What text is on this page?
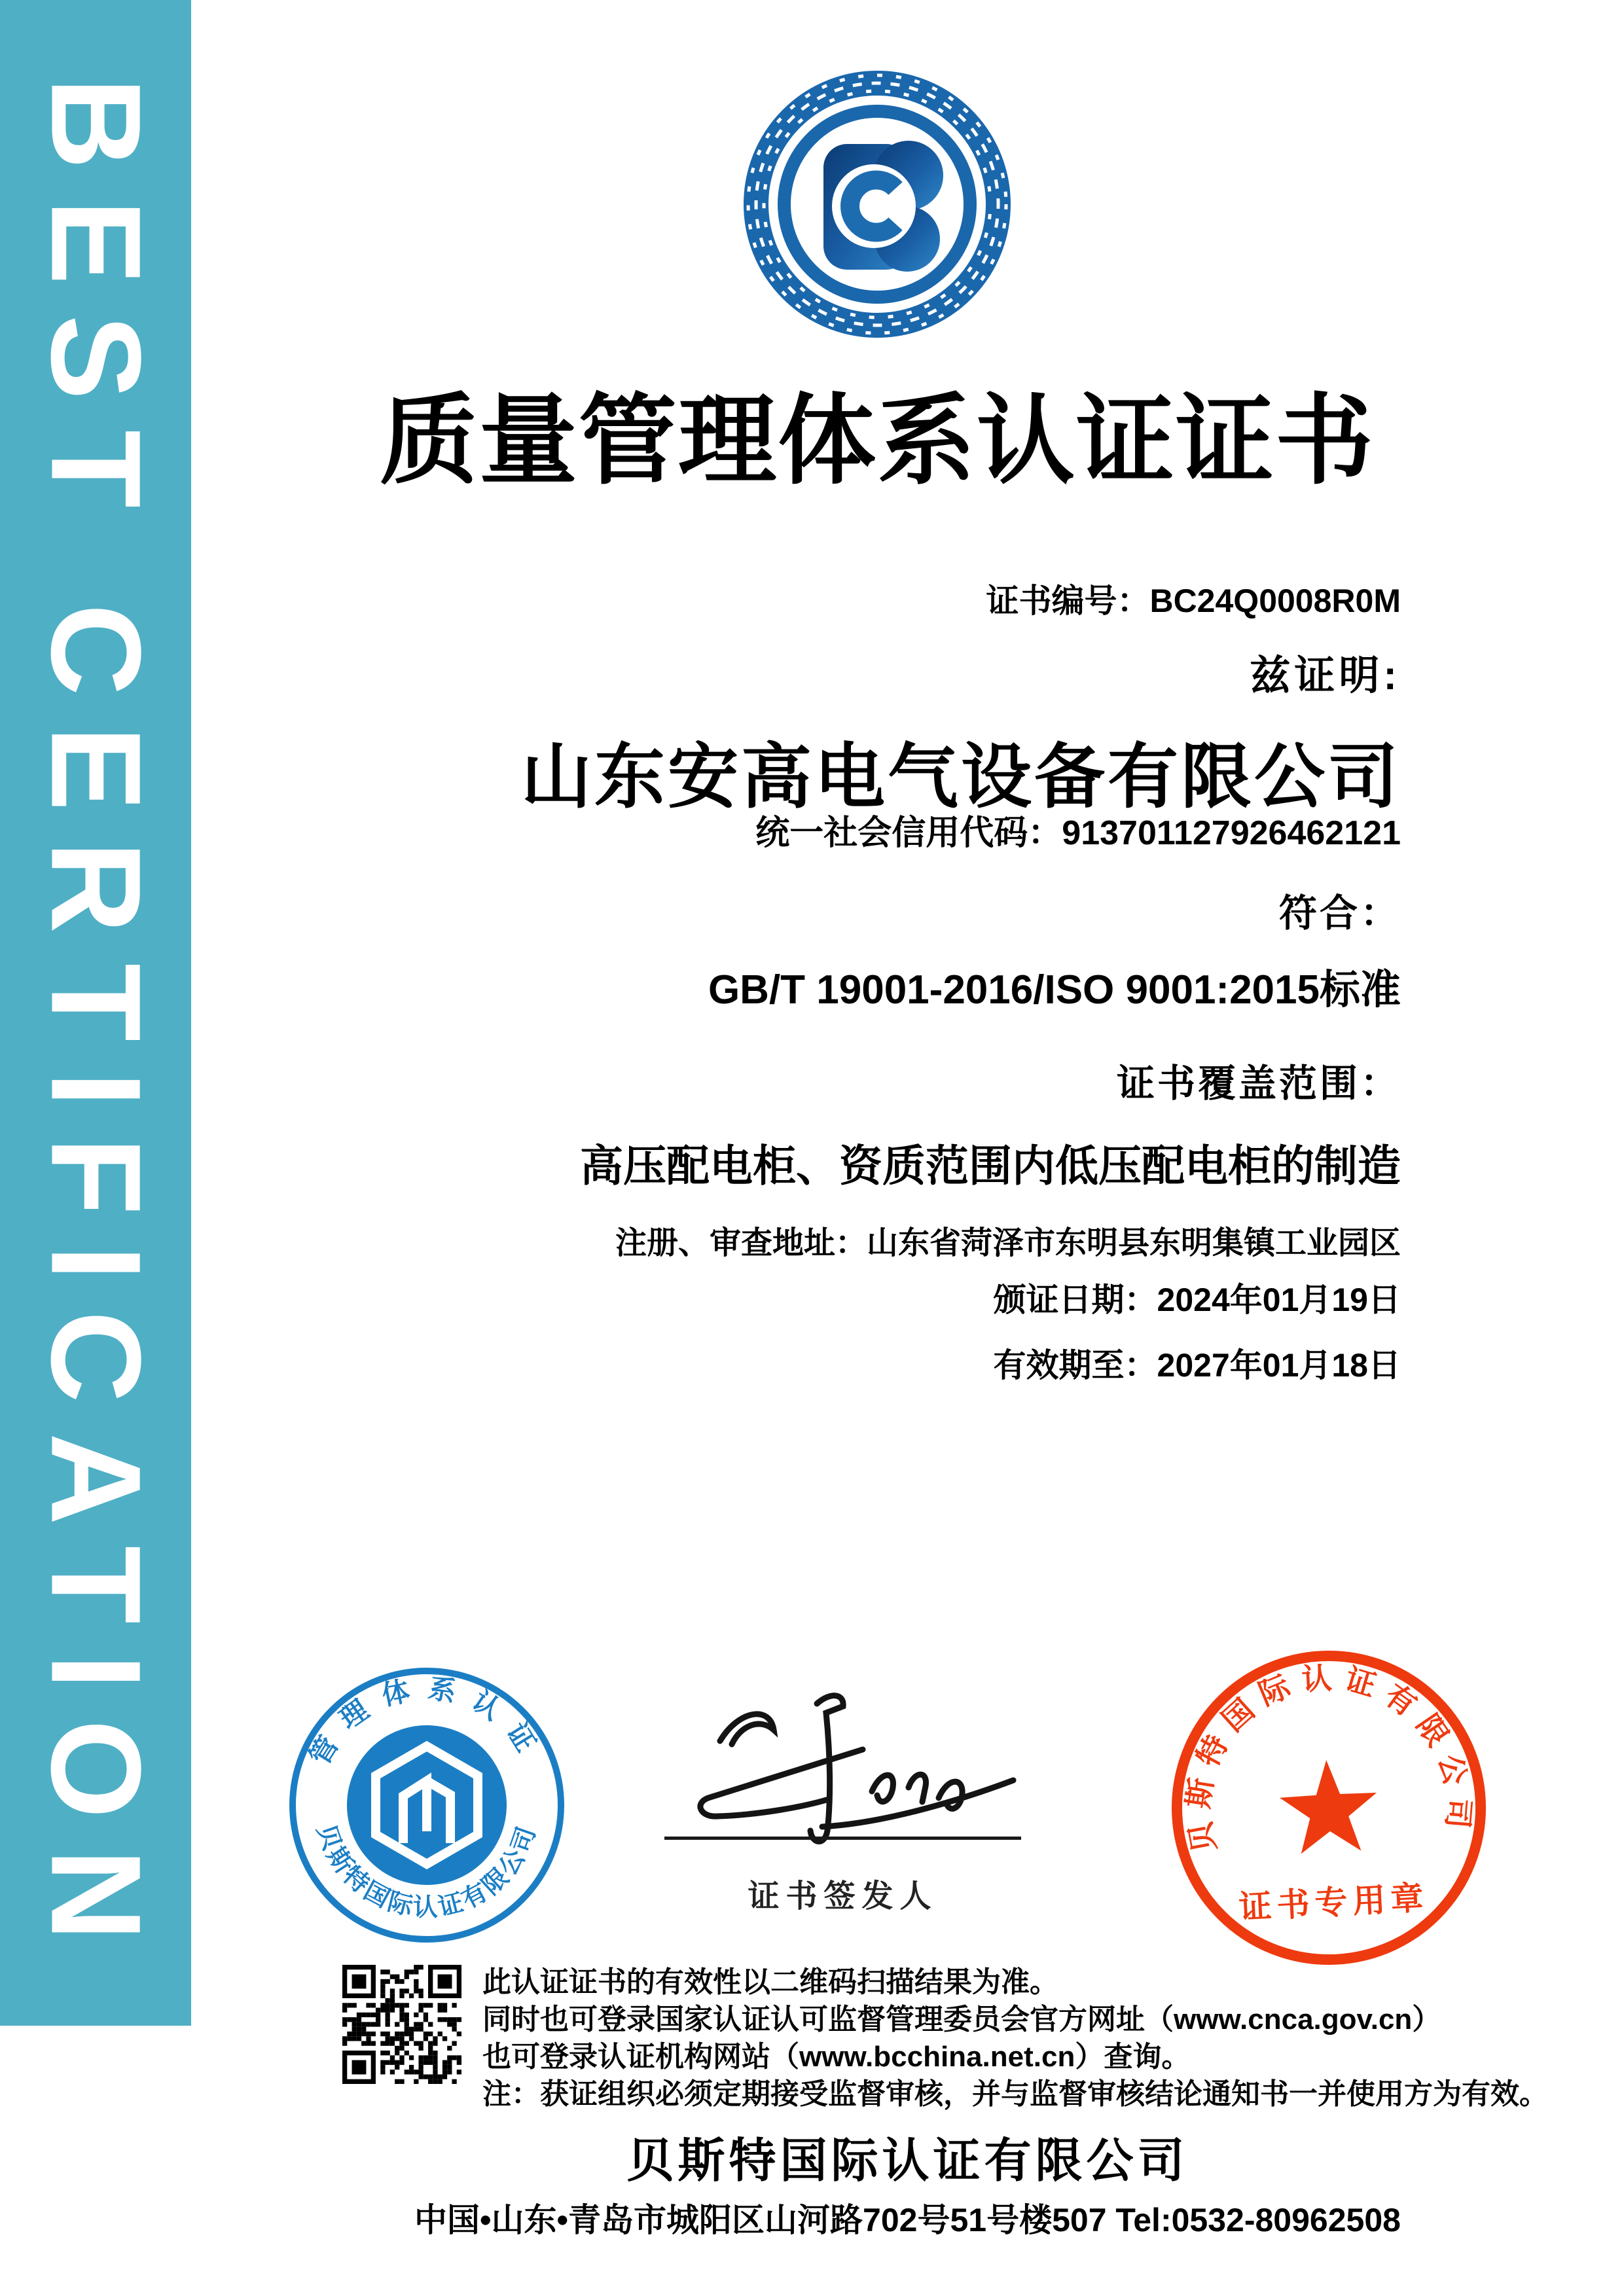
BEST CERTIFICATION 质量管理体系认证证书
证书编号：BC24Q0008R0M
兹证明:
山东安高电气设备有限公司
统一社会信用代码：913701127926462121
符合：
GB/T 19001-2016/ISO 9001:2015标准
证书覆盖范围：
高压配电柜、资质范围内低压配电柜的制造
注册、审查地址：山东省菏泽市东明县东明集镇工业园区
颁证日期：2024年01月19日
有效期至：2027年01月18日
管理体系认证
贝斯特国际认证有限公司
证书签发人
贝斯特国际认证有限公司
证书专用章
此认证证书的有效性以二维码扫描结果为准。
同时也可登录国家认证认可监督管理委员会官方网址（www.cnca.gov.cn）
也可登录认证机构网站（www.bcchina.net.cn）查询。
注：获证组织必须定期接受监督审核，并与监督审核结论通知书一并使用方为有效。
贝斯特国际认证有限公司
中国•山东•青岛市城阳区山河路702号51号楼507 Tel:0532-80962508
